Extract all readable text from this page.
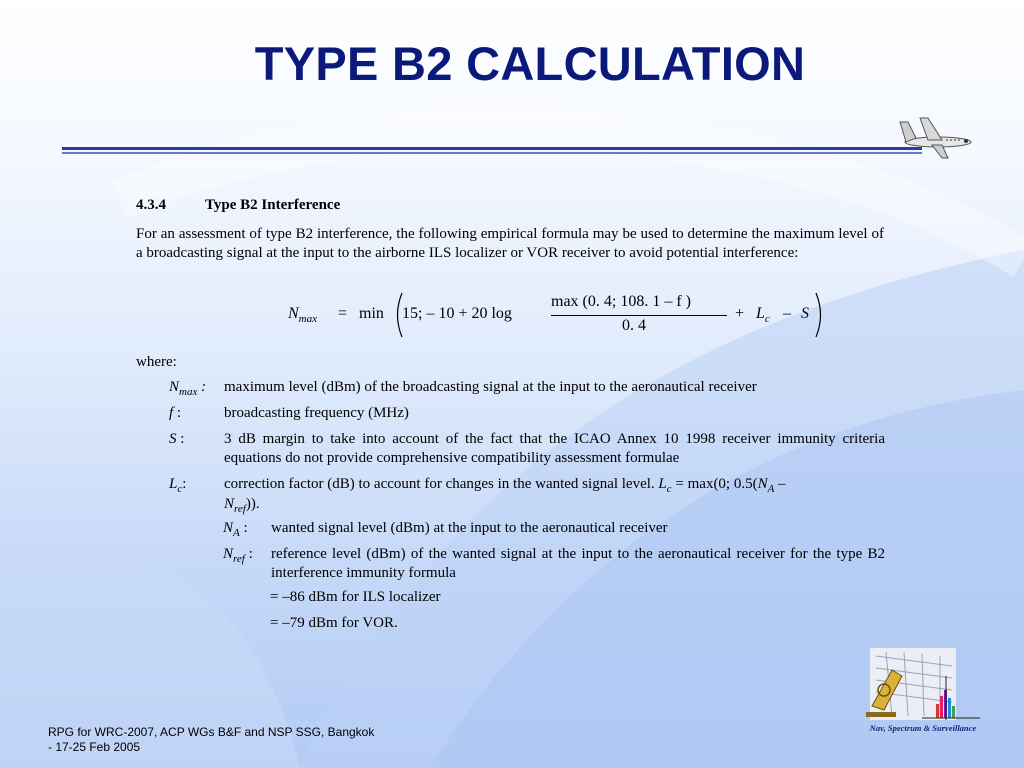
TYPE B2 CALCULATION
4.3.4	Type B2 Interference
For an assessment of type B2 interference, the following empirical formula may be used to determine the maximum level of a broadcasting signal at the input to the airborne ILS localizer or VOR receiver to avoid potential interference:
$N_{max} = \min 15$; – 10 + 20 log
max (0. 4; 108. 1 – f )
0. 4
+ $L_c$ – S
where:
$N_{max}$ : maximum level (dBm) of the broadcasting signal at the input to the aeronautical receiver
f :	broadcasting frequency (MHz)
S :	3 dB margin to take into account of the fact that the ICAO Annex 10 1998 receiver immunity criteria equations do not provide comprehensive compatibility assessment formulae
$L_c$:	correction factor (dB) to account for changes in the wanted signal level. $L_c = \max(0$; $0.5(N_A$ –
$N_{ref}$)).
$N_A$ : wanted signal level (dBm) at the input to the aeronautical receiver
$N_{ref}$ : reference level (dBm) of the wanted signal at the input to the aeronautical receiver for the type B2 interference immunity formula
= –86 dBm for ILS localizer
= –79 dBm for VOR.
RPG for WRC-2007, ACP WGs B&F and NSP SSG, Bangkok
- 17-25 Feb 2005
Nav, Spectrum & Surveillance
